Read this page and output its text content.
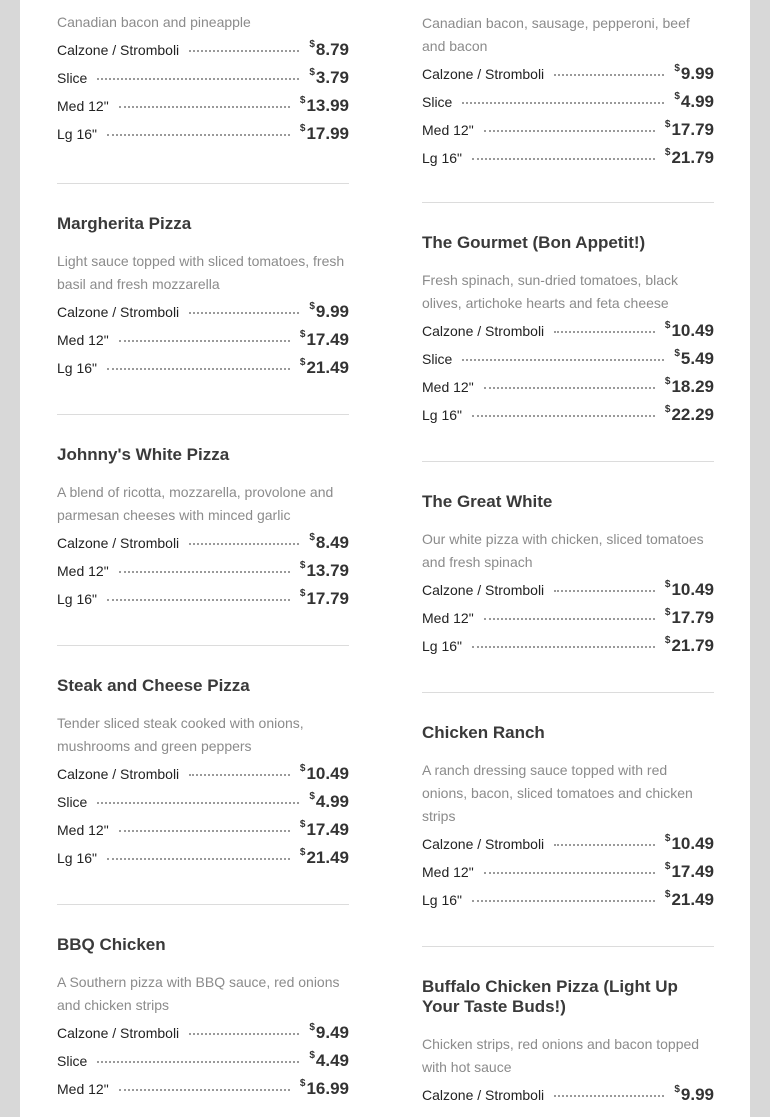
Canadian bacon and pineapple
Calzone / Stromboli	$8.79
Slice	$3.79
Med 12"	$13.99
Lg 16"	$17.99
Margherita Pizza
Light sauce topped with sliced tomatoes, fresh basil and fresh mozzarella
Calzone / Stromboli	$9.99
Med 12"	$17.49
Lg 16"	$21.49
Johnny's White Pizza
A blend of ricotta, mozzarella, provolone and parmesan cheeses with minced garlic
Calzone / Stromboli	$8.49
Med 12"	$13.79
Lg 16"	$17.79
Steak and Cheese Pizza
Tender sliced steak cooked with onions, mushrooms and green peppers
Calzone / Stromboli	$10.49
Slice	$4.99
Med 12"	$17.49
Lg 16"	$21.49
BBQ Chicken
A Southern pizza with BBQ sauce, red onions and chicken strips
Calzone / Stromboli	$9.49
Slice	$4.49
Med 12"	$16.99
Canadian bacon, sausage, pepperoni, beef and bacon
Calzone / Stromboli	$9.99
Slice	$4.99
Med 12"	$17.79
Lg 16"	$21.79
The Gourmet (Bon Appetit!)
Fresh spinach, sun-dried tomatoes, black olives, artichoke hearts and feta cheese
Calzone / Stromboli	$10.49
Slice	$5.49
Med 12"	$18.29
Lg 16"	$22.29
The Great White
Our white pizza with chicken, sliced tomatoes and fresh spinach
Calzone / Stromboli	$10.49
Med 12"	$17.79
Lg 16"	$21.79
Chicken Ranch
A ranch dressing sauce topped with red onions, bacon, sliced tomatoes and chicken strips
Calzone / Stromboli	$10.49
Med 12"	$17.49
Lg 16"	$21.49
Buffalo Chicken Pizza (Light Up Your Taste Buds!)
Chicken strips, red onions and bacon topped with hot sauce
Calzone / Stromboli	$9.99
